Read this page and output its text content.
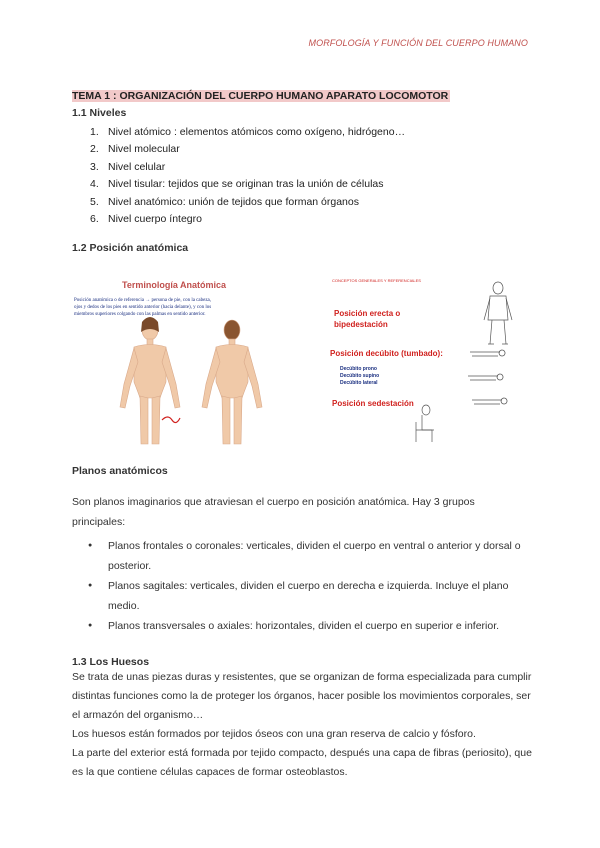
MORFOLOGÍA Y FUNCIÓN DEL CUERPO HUMANO
TEMA 1 : ORGANIZACIÓN DEL CUERPO HUMANO APARATO LOCOMOTOR
1.1 Niveles
1. Nivel atómico : elementos atómicos como oxígeno, hidrógeno…
2. Nivel molecular
3. Nivel celular
4. Nivel tisular: tejidos que se originan tras la unión de células
5. Nivel anatómico: unión de tejidos que forman órganos
6. Nivel cuerpo íntegro
1.2 Posición anatómica
Terminología Anatómica
Posición anatómica o de referencia → persona de pie, con la cabeza,
ojos y dedos de los pies en sentido anterior (hacia delante), y con los
miembros superiores colgando con las palmas en sentido anterior.
CONCEPTOS GENERALES Y REFERENCIALES
Posición erecta o
bipedestación
Posición decúbito (tumbado):
Decúbito prono
Decúbito supino
Decúbito lateral
Posición sedestación
Planos anatómicos
Son planos imaginarios que atraviesan el cuerpo en posición anatómica. Hay 3 grupos principales:
● Planos frontales o coronales: verticales, dividen el cuerpo en ventral o anterior y dorsal o posterior.
● Planos sagitales: verticales, dividen el cuerpo en derecha e izquierda. Incluye el plano medio.
● Planos transversales o axiales: horizontales, dividen el cuerpo en superior e inferior.
1.3 Los Huesos

Se trata de unas piezas duras y resistentes, que se organizan de forma especializada para cumplir distintas funciones como la de proteger los órganos, hacer posible los movimientos corporales, ser el armazón del organismo…

Los huesos están formados por tejidos óseos con una gran reserva de calcio y fósforo.

La parte del exterior está formada por tejido compacto, después una capa de fibras (periosito), que es la que contiene células capaces de formar osteoblastos.
